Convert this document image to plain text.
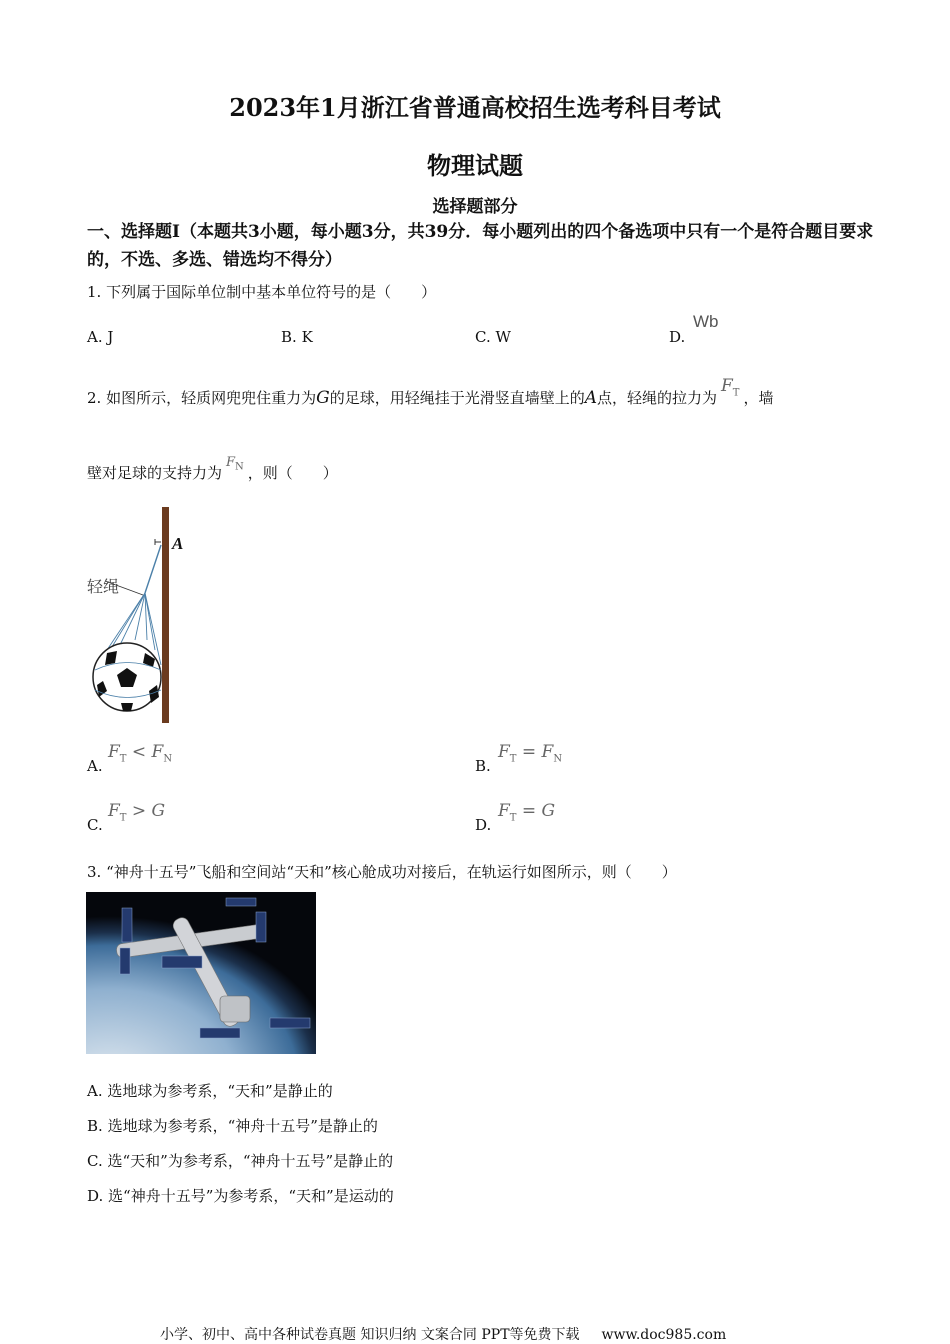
2023年1月浙江省普通高校招生选考科目考试
物理试题
选择题部分
一、选择题Ⅰ（本题共3小题，每小题3分，共39分．每小题列出的四个备选项中只有一个是符合题目要求的，不选、多选、错选均不得分）
1. 下列属于国际单位制中基本单位符号的是（　　）
A. J	B. K	C. W	D.
Wb
2. 如图所示，轻质网兜兜住重力为G的足球，用轻绳挂于光滑竖直墙壁上的A点，轻绳的拉力为$F_T$ ，墙
壁对足球的支持力为$F_N$ ，则（　　）
轻绳
A
A.
$F_T < F_N$	B.
$F_T = F_N$
C.
$F_T > G$
D.
$F_T = G$
3. “神舟十五号”飞船和空间站“天和”核心舱成功对接后，在轨运行如图所示，则（　　）
A. 选地球为参考系，“天和”是静止的
B. 选地球为参考系，“神舟十五号”是静止的
C. 选“天和”为参考系，“神舟十五号”是静止的
D. 选“神舟十五号”为参考系，“天和”是运动的
小学、初中、高中各种试卷真题 知识归纳 文案合同 PPT等免费下载 www.doc985.com
